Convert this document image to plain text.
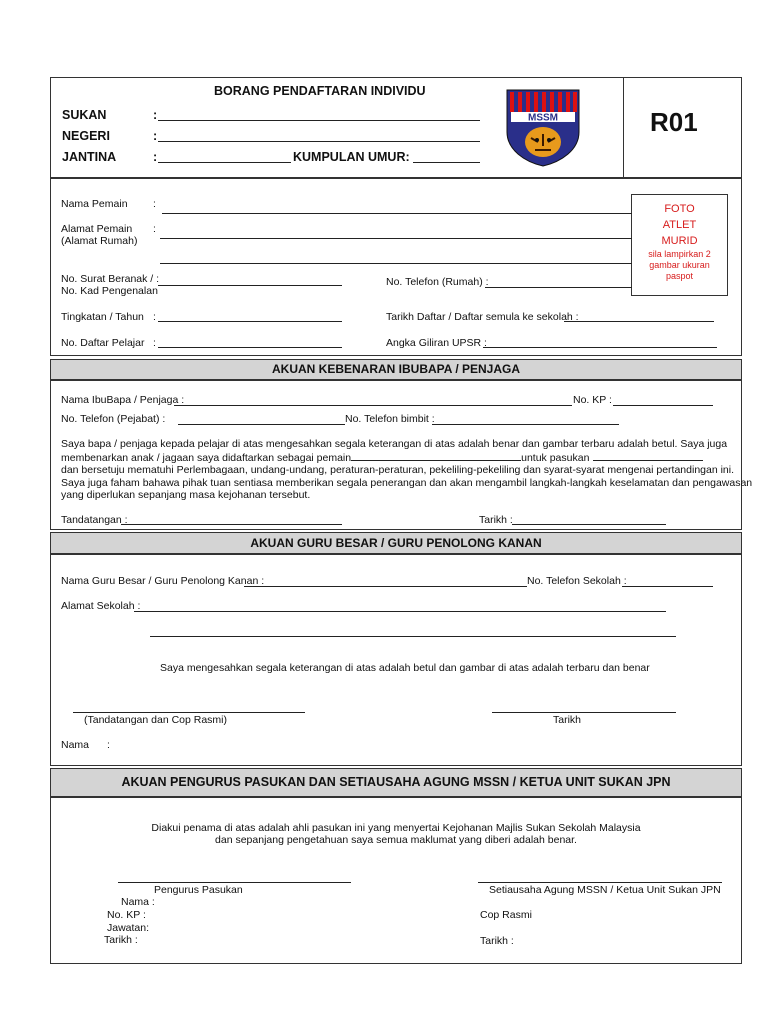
BORANG PENDAFTARAN INDIVIDU
SUKAN	:
NEGERI	:
JANTINA	:	KUMPULAN UMUR:
MSSM	R01
FOTO
ATLET
MURID
sila lampirkan 2
gambar ukuran
paspot
Nama Pemain :
Alamat Pemain
(Alamat Rumah)
:
No. Surat Beranak / :
No. Kad Pengenalan
No. Telefon (Rumah) :
Tingkatan / Tahun :	Tarikh Daftar / Daftar semula ke sekolah :
No. Daftar Pelajar :	Angka Giliran UPSR :
AKUAN KEBENARAN IBUBAPA / PENJAGA
Nama IbuBapa / Penjaga :	No. KP :
No. Telefon (Pejabat) :	No. Telefon bimbit :
Saya bapa / penjaga kepada pelajar di atas mengesahkan segala keterangan di atas adalah benar dan gambar terbaru adalah betul. Saya juga
membenarkan anak / jagaan saya didaftarkan sebagai pemain	untuk pasukan
dan bersetuju mematuhi Perlembagaan, undang-undang, peraturan-peraturan, pekeliling-pekeliling dan syarat-syarat mengenai pertandingan ini.
Saya juga faham bahawa pihak tuan sentiasa memberikan segala penerangan dan akan mengambil langkah-langkah keselamatan dan pengawasan
yang diperlukan sepanjang masa kejohanan tersebut.
Tandatangan :	Tarikh :
AKUAN GURU BESAR / GURU PENOLONG KANAN
Nama Guru Besar / Guru Penolong Kanan :	No. Telefon Sekolah :
Alamat Sekolah :
Saya mengesahkan segala keterangan di atas adalah betul dan gambar di atas adalah terbaru dan benar
(Tandatangan dan Cop Rasmi)	Tarikh
Nama :
AKUAN PENGURUS PASUKAN DAN SETIAUSAHA AGUNG MSSN / KETUA UNIT SUKAN JPN
Diakui penama di atas adalah ahli pasukan ini yang menyertai Kejohanan Majlis Sukan Sekolah Malaysia
dan sepanjang pengetahuan saya semua maklumat yang diberi adalah benar.
Pengurus Pasukan	Setiausaha Agung MSSN / Ketua Unit Sukan JPN
Nama :
No. KP :
Jawatan:
Tarikh :
Cop Rasmi
Tarikh :
